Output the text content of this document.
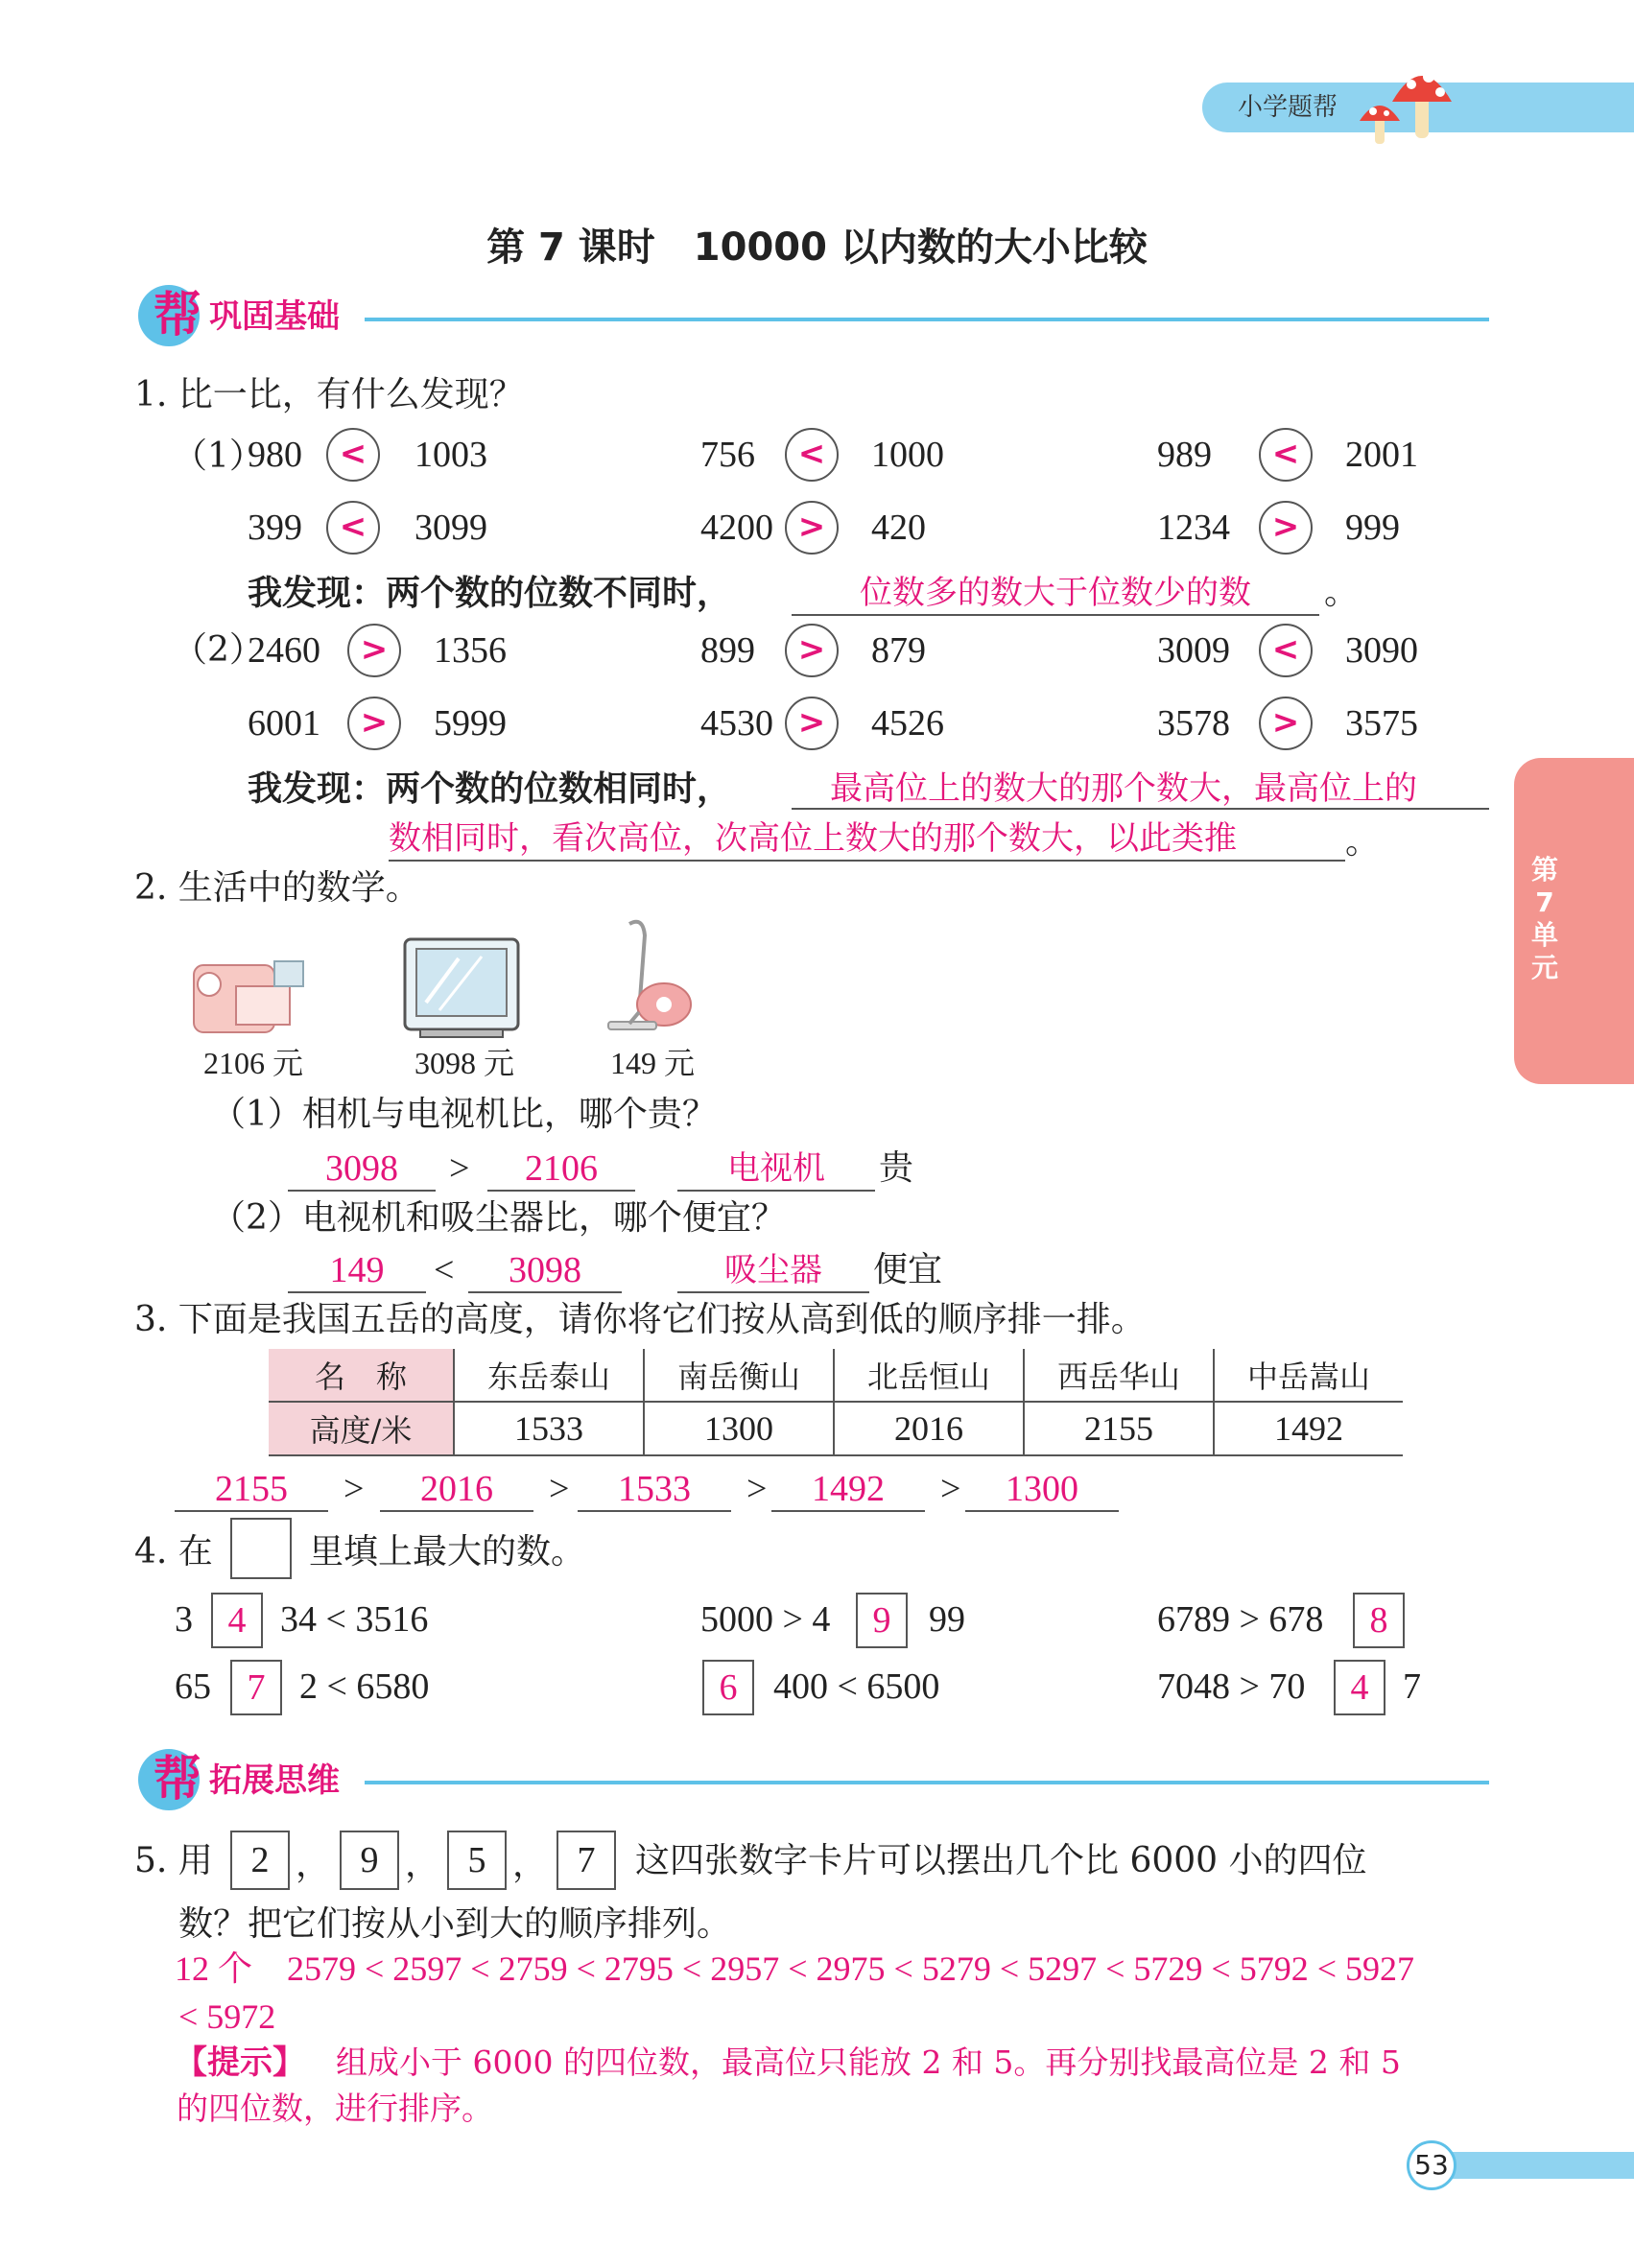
小学题帮
第 7 课时　10000 以内数的大小比较
帮 巩固基础
1. 比一比，有什么发现？
（1）
980	<	1003	756	<	1000	989	<	2001
399	<	3099	4200 >	420	1234	>	999
我发现：两个数的位数不同时，	位数多的数大于位数少的数	。
（2）
2460	>	1356	899	>	879	3009	<	3090
6001	>	5999	4530 >	4526	3578	>	3575
我发现：两个数的位数相同时，	最高位上的数大的那个数大，最高位上的
数相同时，看次高位，次高位上数大的那个数大，以此类推	。
第7单元
2. 生活中的数学。
2106 元	3098 元	149 元
（1）相机与电视机比，哪个贵？
3098	>	2106	电视机	贵
（2）电视机和吸尘器比，哪个便宜？
149	<	3098	吸尘器	便宜
3. 下面是我国五岳的高度，请你将它们按从高到低的顺序排一排。
名　称	东岳泰山	南岳衡山	北岳恒山	西岳华山	中岳嵩山
高度/米	1533	1300	2016	2155	1492
2155	>	2016	>	1533	>	1492	>	1300
4. 在	里填上最大的数。
3 4 34 < 3516	5000 > 4	9	99	6789 > 678	8
65 7 2 < 6580	6 400 < 6500	7048 > 70	4 7
帮 拓展思维
5. 用	2 ， 9 ， 5 ， 7	这四张数字卡片可以摆出几个比 6000 小的四位
数？把它们按从小到大的顺序排列。
12 个　2579 < 2597 < 2759 < 2795 < 2957 < 2975 < 5279 < 5297 < 5729 < 5792 < 5927
< 5972
【提示】 组成小于 6000 的四位数，最高位只能放 2 和 5。再分别找最高位是 2 和 5
的四位数，进行排序。
53
